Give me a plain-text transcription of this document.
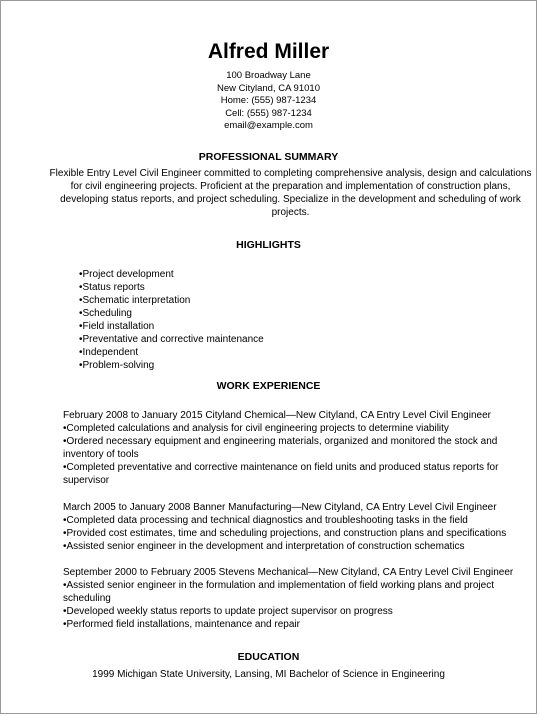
Alfred Miller
100 Broadway Lane
New Cityland, CA 91010
Home: (555) 987-1234
Cell: (555) 987-1234
email@example.com
PROFESSIONAL SUMMARY
Flexible Entry Level Civil Engineer committed to completing comprehensive analysis, design and calculations for civil engineering projects. Proficient at the preparation and implementation of construction plans, developing status reports, and project scheduling. Specialize in the development and scheduling of work projects.
HIGHLIGHTS
•Project development
•Status reports
•Schematic interpretation
•Scheduling
•Field installation
•Preventative and corrective maintenance
•Independent
•Problem-solving
WORK EXPERIENCE
February 2008 to January 2015 Cityland Chemical—New Cityland, CA Entry Level Civil Engineer
•Completed calculations and analysis for civil engineering projects to determine viability
•Ordered necessary equipment and engineering materials, organized and monitored the stock and inventory of tools
•Completed preventative and corrective maintenance on field units and produced status reports for supervisor
March 2005 to January 2008 Banner Manufacturing—New Cityland, CA Entry Level Civil Engineer
•Completed data processing and technical diagnostics and troubleshooting tasks in the field
•Provided cost estimates, time and scheduling projections, and construction plans and specifications
•Assisted senior engineer in the development and interpretation of construction schematics
September 2000 to February 2005 Stevens Mechanical—New Cityland, CA Entry Level Civil Engineer
•Assisted senior engineer in the formulation and implementation of field working plans and project scheduling
•Developed weekly status reports to update project supervisor on progress
•Performed field installations, maintenance and repair
EDUCATION
1999 Michigan State University, Lansing, MI Bachelor of Science in Engineering
